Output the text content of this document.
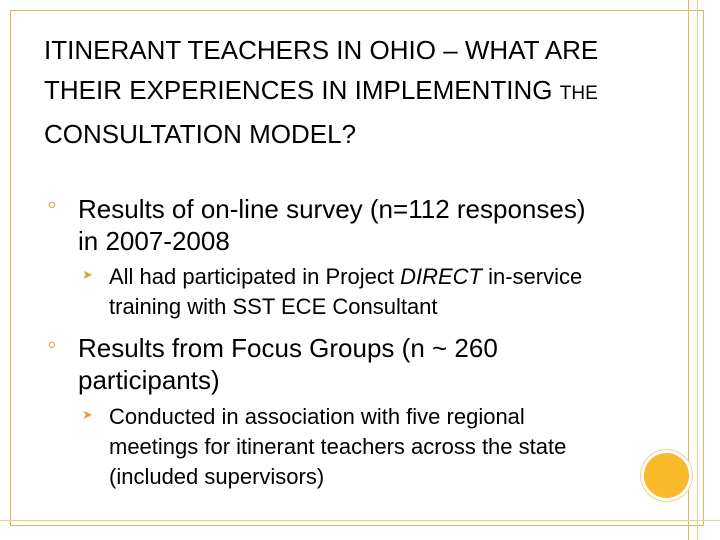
ITINERANT TEACHERS IN OHIO – WHAT ARE THEIR EXPERIENCES IN IMPLEMENTING THE CONSULTATION MODEL?
⚪ Results of on-line survey (n=112 responses) in 2007-2008
➤ All had participated in Project DIRECT in-service training with SST ECE Consultant
⚪ Results from Focus Groups (n ~ 260 participants)
➤ Conducted in association with five regional meetings for itinerant teachers across the state (included supervisors)
